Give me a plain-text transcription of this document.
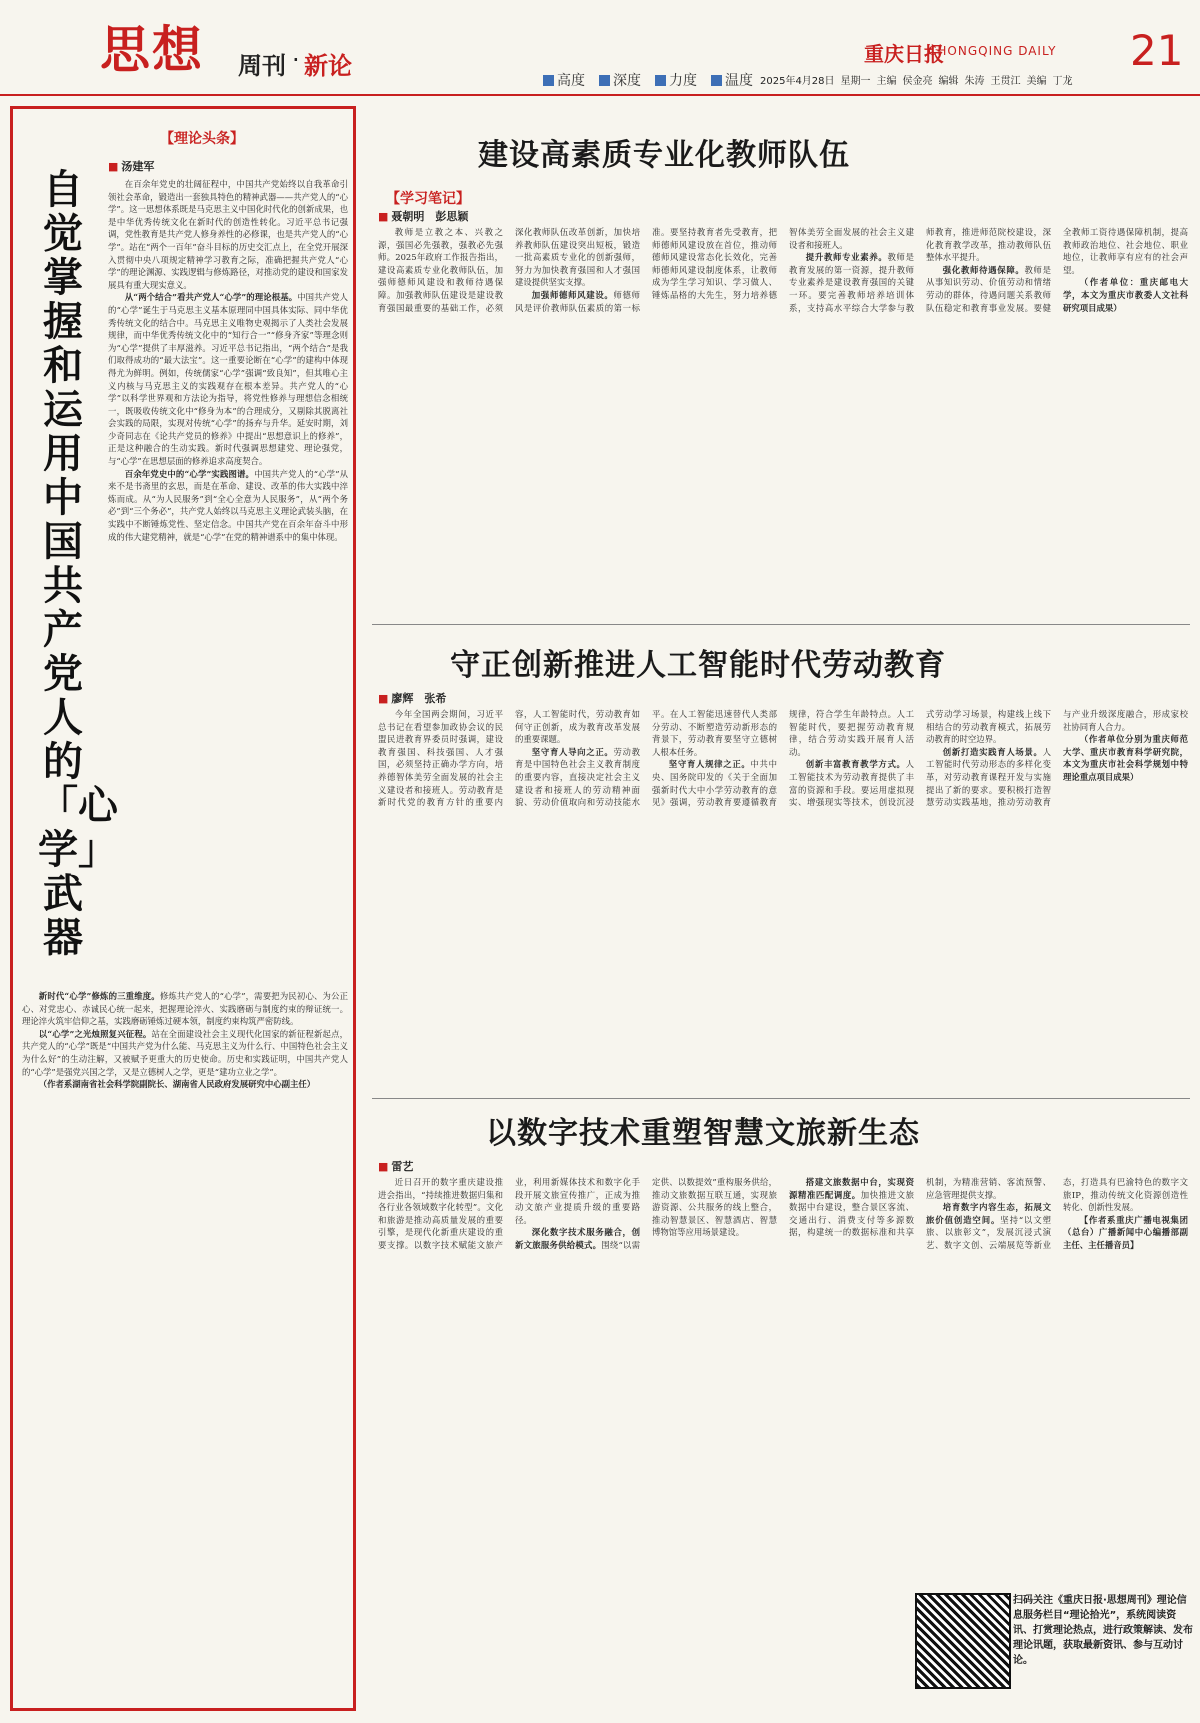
思想 周刊 · 新论
高度 深度 力度 温度
重庆日报
CHONGQING DAILY 21
2025年4月28日 星期一 主编 侯金亮 编辑 朱涛 王贯江 美编 丁龙
【理论头条】
■ 汤建军
自觉掌握和运用中国共产党人的「心学」武器

在百余年党史的壮阔征程中，中国共产党始终以自我革命引领社会革命，锻造出一套独具特色的精神武器——共产党人的“心学”。这一思想体系既是马克思主义中国化时代化的创新成果，也是中华优秀传统文化在新时代的创造性转化。习近平总书记强调，党性教育是共产党人修身养性的必修课，也是共产党人的“心学”。站在“两个一百年”奋斗目标的历史交汇点上，在全党开展深入贯彻中央八项规定精神学习教育之际，准确把握共产党人“心学”的理论渊源、实践逻辑与修炼路径，对推动党的建设和国家发展具有重大现实意义。

从“两个结合”看共产党人“心学”的理论根基。中国共产党人的“心学”诞生于马克思主义基本原理同中国具体实际、同中华优秀传统文化的结合中。马克思主义唯物史观揭示了人类社会发展规律，而中华优秀传统文化中的“知行合一”“修身齐家”等理念则为“心学”提供了丰厚滋养。习近平总书记指出，“两个结合”是我们取得成功的“最大法宝”。这一重要论断在“心学”的建构中体现得尤为鲜明。例如，传统儒家“心学”强调“致良知”，但其唯心主义内核与马克思主义的实践观存在根本差异。共产党人的“心学”以科学世界观和方法论为指导，将党性修养与理想信念相统一，既吸收传统文化中“修身为本”的合理成分，又剔除其脱离社会实践的局限，实现对传统“心学”的扬弃与升华。延安时期，刘少奇同志在《论共产党员的修养》中提出“思想意识上的修养”，正是这种融合的生动实践。新时代强调思想建党、理论强党，与“心学”在思想层面的修养追求高度契合。

百余年党史中的“心学”实践图谱。中国共产党人的“心学”从来不是书斋里的玄思，而是在革命、建设、改革的伟大实践中淬炼而成。从“为人民服务”到“全心全意为人民服务”，从“两个务必”到“三个务必”，共产党人始终以马克思主义理论武装头脑，在实践中不断锤炼党性、坚定信念。中国共产党在百余年奋斗中形成的伟大建党精神，就是“心学”在党的精神谱系中的集中体现。

新时代“心学”修炼的三重维度。修炼共产党人的“心学”，需要把为民初心、为公正心、对党忠心、赤诚民心统一起来，把握理论淬火、实践磨砺与制度约束的辩证统一。理论淬火筑牢信仰之基，实践磨砺锤炼过硬本领，制度约束构筑严密防线。

以“心学”之光烛照复兴征程。站在全面建设社会主义现代化国家的新征程新起点，共产党人的“心学”既是“中国共产党为什么能、马克思主义为什么行、中国特色社会主义为什么好”的生动注解，又被赋予更重大的历史使命。历史和实践证明，中国共产党人的“心学”是强党兴国之学，又是立德树人之学，更是“建功立业之学”。

（作者系湖南省社会科学院副院长、湖南省人民政府发展研究中心副主任）

建设高素质专业化教师队伍
【学习笔记】
■ 聂朝明　彭思颖

教师是立教之本、兴教之源，强国必先强教，强教必先强师。2025年政府工作报告指出，建设高素质专业化教师队伍，加强师德师风建设和教师待遇保障。加强教师队伍建设是建设教育强国最重要的基础工作，必须深化教师队伍改革创新，加快培养教师队伍建设突出短板，锻造一批高素质专业化的创新强师，努力为加快教育强国和人才强国建设提供坚实支撑。

加强师德师风建设。师德师风是评价教师队伍素质的第一标准。要坚持教育者先受教育，把师德师风建设放在首位，推动师德师风建设常态化长效化，完善师德师风建设制度体系，让教师成为学生学习知识、学习做人、锤炼品格的大先生，努力培养德智体美劳全面发展的社会主义建设者和接班人。

提升教师专业素养。教师是教育发展的第一资源，提升教师专业素养是建设教育强国的关键一环。要完善教师培养培训体系，支持高水平综合大学参与教师教育，推进师范院校建设，深化教育教学改革，推动教师队伍整体水平提升。

强化教师待遇保障。教师是从事知识劳动、价值劳动和情绪劳动的群体，待遇问题关系教师队伍稳定和教育事业发展。要健全教师工资待遇保障机制，提高教师政治地位、社会地位、职业地位，让教师享有应有的社会声望。

（作者单位：重庆邮电大学，本文为重庆市教委人文社科研究项目成果）

守正创新推进人工智能时代劳动教育
■ 廖辉　张希

今年全国两会期间，习近平总书记在看望参加政协会议的民盟民进教育界委员时强调，建设教育强国、科技强国、人才强国，必须坚持正确办学方向，培养德智体美劳全面发展的社会主义建设者和接班人。劳动教育是新时代党的教育方针的重要内容，人工智能时代，劳动教育如何守正创新，成为教育改革发展的重要课题。

坚守育人导向之正。劳动教育是中国特色社会主义教育制度的重要内容，直接决定社会主义建设者和接班人的劳动精神面貌、劳动价值取向和劳动技能水平。在人工智能迅速替代人类部分劳动、不断塑造劳动新形态的背景下，劳动教育要坚守立德树人根本任务。

坚守育人规律之正。中共中央、国务院印发的《关于全面加强新时代大中小学劳动教育的意见》强调，劳动教育要遵循教育规律，符合学生年龄特点。人工智能时代，要把握劳动教育规律，结合劳动实践开展育人活动。

创新丰富教育教学方式。人工智能技术为劳动教育提供了丰富的资源和手段。要运用虚拟现实、增强现实等技术，创设沉浸式劳动学习场景，构建线上线下相结合的劳动教育模式，拓展劳动教育的时空边界。

创新打造实践育人场景。人工智能时代劳动形态的多样化变革，对劳动教育课程开发与实施提出了新的要求。要积极打造智慧劳动实践基地，推动劳动教育与产业升级深度融合，形成家校社协同育人合力。

（作者单位分别为重庆师范大学、重庆市教育科学研究院，本文为重庆市社会科学规划中特理论重点项目成果）

以数字技术重塑智慧文旅新生态
■ 雷艺

近日召开的数字重庆建设推进会指出，“持续推进数据归集和各行业各领域数字化转型”。文化和旅游是推动高质量发展的重要引擎，是现代化新重庆建设的重要支撑。以数字技术赋能文旅产业，利用新媒体技术和数字化手段开展文旅宣传推广，正成为推动文旅产业提质升级的重要路径。

深化数字技术服务融合，创新文旅服务供给模式。围绕“以需定供、以数提效”重构服务供给，推动文旅数据互联互通，实现旅游资源、公共服务的线上整合，推动智慧景区、智慧酒店、智慧博物馆等应用场景建设。

搭建文旅数据中台，实现资源精准匹配调度。加快推进文旅数据中台建设，整合景区客流、交通出行、消费支付等多源数据，构建统一的数据标准和共享机制，为精准营销、客流预警、应急管理提供支撑。

培育数字内容生态，拓展文旅价值创造空间。坚持“以文塑旅、以旅彰文”，发展沉浸式演艺、数字文创、云端展览等新业态，打造具有巴渝特色的数字文旅IP，推动传统文化资源创造性转化、创新性发展。

【作者系重庆广播电视集团（总台）广播新闻中心编播部副主任、主任播音员】

扫码关注《重庆日报·思想周刊》理论信息服务栏目“理论拾光”，系统阅读资讯、打赏理论热点，进行政策解读、发布理论讯题，获取最新资讯、参与互动讨论。
